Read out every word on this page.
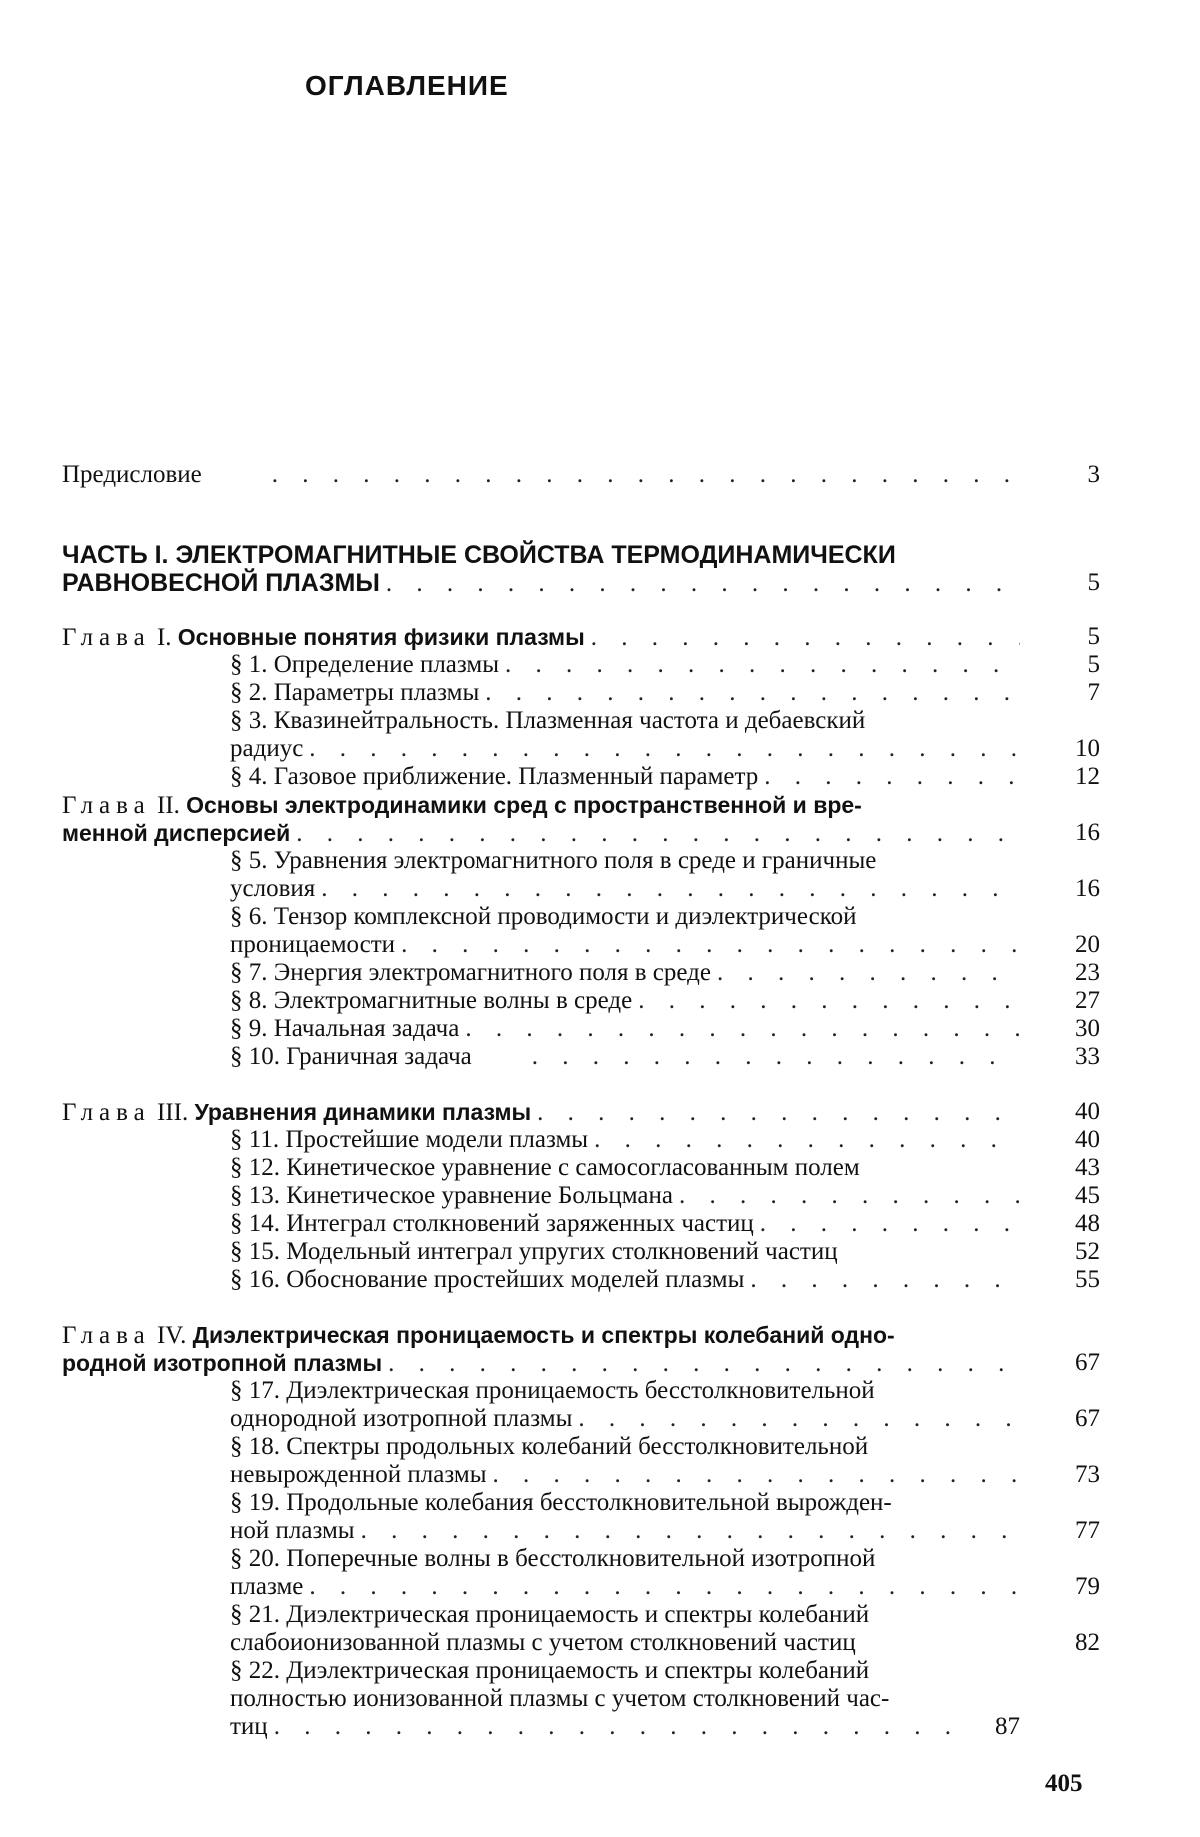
ОГЛАВЛЕНИЕ
Предисловие . . .	3
ЧАСТЬ I. ЭЛЕКТРОМАГНИТНЫЕ СВОЙСТВА ТЕРМОДИНАМИЧЕСКИ
РАВНОВЕСНОЙ ПЛАЗМЫ . . .	5
Глава
I.
Основные понятия физики плазмы . . .	5
§ 1. Определение плазмы . . .	5
§ 2. Параметры плазмы . . .	7
§ 3. Квазинейтральность. Плазменная частота и дебаевский
радиус . . .	10
§ 4. Газовое приближение. Плазменный параметр . . .	12
Глава
II.
Основы электродинамики сред с пространственной и вре-
менной дисперсией . . .	16
§ 5. Уравнения электромагнитного поля в среде и граничные
условия . . .	16
§ 6. Тензор комплексной проводимости и диэлектрической
проницаемости . . .	20
§ 7. Энергия электромагнитного поля в среде . . .	23
§ 8. Электромагнитные волны в среде . . .	27
§ 9. Начальная задача . . .	30
§ 10. Граничная задача . . .	33
Глава
III.
Уравнения динамики плазмы . . .	40
§ 11. Простейшие модели плазмы . . .	40
§ 12. Кинетическое уравнение с самосогласованным полем	43
§ 13. Кинетическое уравнение Больцмана . . .	45
§ 14. Интеграл столкновений заряженных частиц . . .	48
§ 15. Модельный интеграл упругих столкновений частиц	52
§ 16. Обоснование простейших моделей плазмы . . .	55
Глава
IV.
Диэлектрическая проницаемость и спектры колебаний одно-
родной изотропной плазмы . . .	67
§ 17. Диэлектрическая проницаемость бесстолкновительной
однородной изотропной плазмы . . .	67
§ 18. Спектры продольных колебаний бесстолкновительной
невырожденной плазмы . . .	73
§ 19. Продольные колебания бесстолкновительной вырожден-
ной плазмы . . .	77
§ 20. Поперечные волны в бесстолкновительной изотропной
плазме . . .	79
§ 21. Диэлектрическая проницаемость и спектры колебаний
слабоионизованной плазмы с учетом столкновений частиц	82
§ 22. Диэлектрическая проницаемость и спектры колебаний
полностью ионизованной плазмы с учетом столкновений час-
тиц . . .	87
405
